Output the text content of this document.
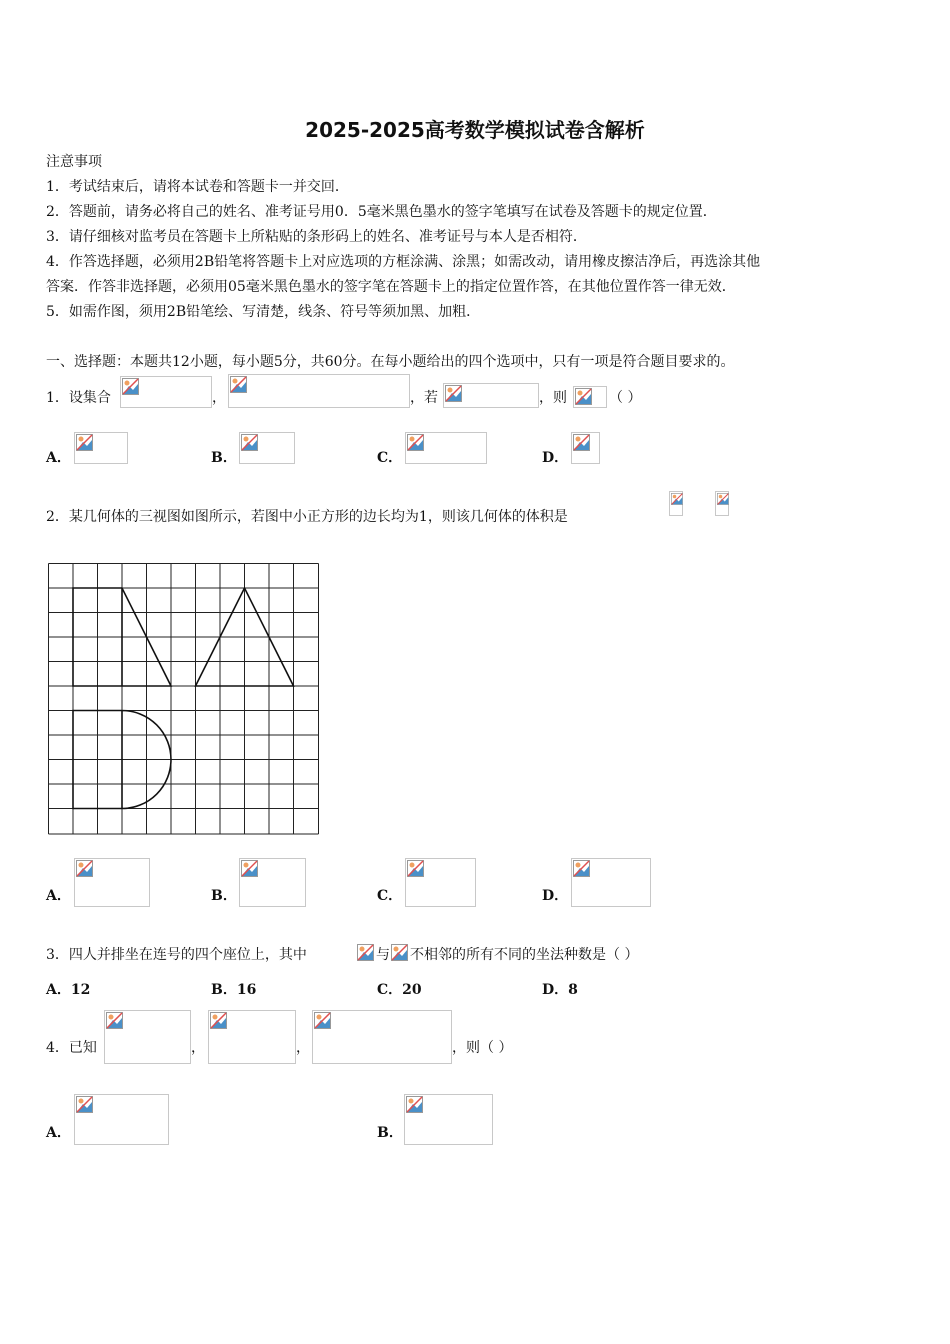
2025-2025高考数学模拟试卷含解析
注意事项
1．考试结束后，请将本试卷和答题卡一并交回．
2．答题前，请务必将自己的姓名、准考证号用0．5毫米黑色墨水的签字笔填写在试卷及答题卡的规定位置．
3．请仔细核对监考员在答题卡上所粘贴的条形码上的姓名、准考证号与本人是否相符．
4．作答选择题，必须用2B铅笔将答题卡上对应选项的方框涂满、涂黑；如需改动，请用橡皮擦洁净后，再选涂其他
答案．作答非选择题，必须用05毫米黑色墨水的签字笔在答题卡上的指定位置作答，在其他位置作答一律无效．
5．如需作图，须用2B铅笔绘、写清楚，线条、符号等须加黑、加粗．
一、选择题：本题共12小题，每小题5分，共60分。在每小题给出的四个选项中，只有一项是符合题目要求的。
1．设集合	，	，若	，则	（ ）
A．	B．	C．	D．
2．某几何体的三视图如图所示，若图中小正方形的边长均为1，则该几何体的体积是
A．	B．	C．	D．
3．四人并排坐在连号的四个座位上，其中	与 不相邻的所有不同的坐法种数是（ ）
A．12	B．16	C．20	D．8
4．已知	，	，	，则（ ）
A．	B．
